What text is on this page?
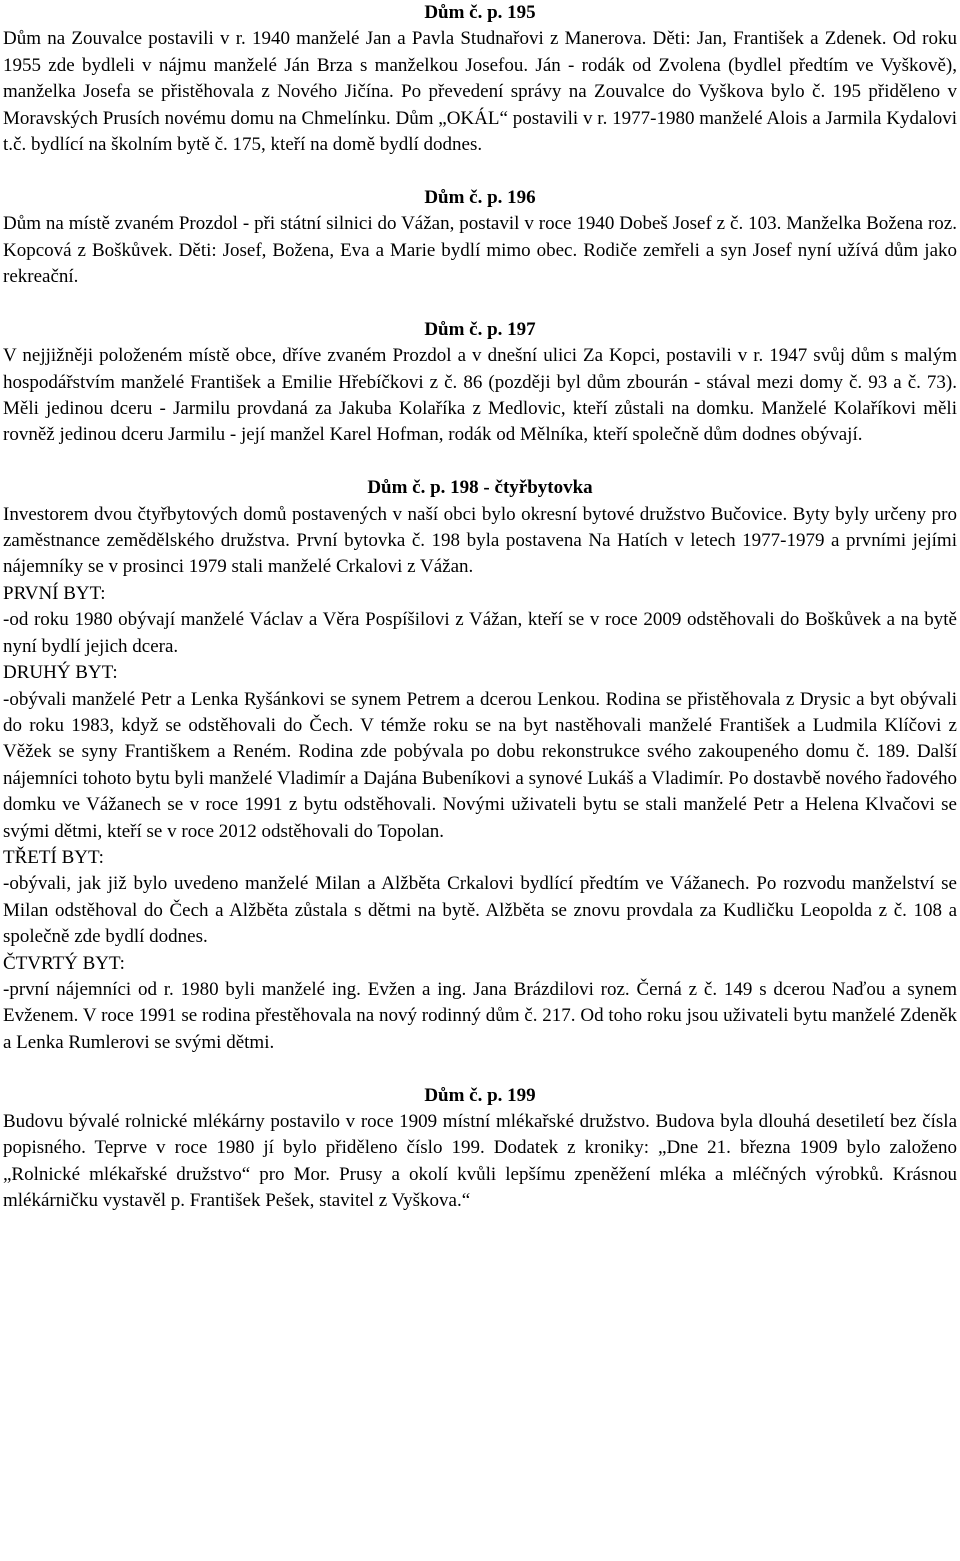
Dům č. p. 195

Dům na Zouvalce postavili v r. 1940 manželé Jan a Pavla Studnařovi z Manerova. Děti: Jan, František a Zdenek. Od roku 1955 zde bydleli v nájmu manželé Ján Brza s manželkou Josefou. Ján - rodák od Zvolena (bydlel předtím ve Vyškově), manželka Josefa se přistěhovala z Nového Jičína. Po převedení správy na Zouvalce do Vyškova bylo č. 195 přiděleno v Moravských Prusích novému domu na Chmelínku. Dům „OKÁL“ postavili v r. 1977-1980 manželé Alois a Jarmila Kydalovi t.č. bydlící na školním bytě č. 175, kteří na domě bydlí dodnes.

Dům č. p. 196

Dům na místě zvaném Prozdol - při státní silnici do Vážan, postavil v roce 1940 Dobeš Josef z č. 103. Manželka Božena roz. Kopcová z Boškůvek. Děti: Josef, Božena, Eva a Marie bydlí mimo obec. Rodiče zemřeli a syn Josef nyní užívá dům jako rekreační.

Dům č. p. 197

V nejjižněji položeném místě obce, dříve zvaném Prozdol a v dnešní ulici Za Kopci, postavili v r. 1947 svůj dům s malým hospodářstvím manželé František a Emilie Hřebíčkovi z č. 86 (později byl dům zbourán - stával mezi domy č. 93 a č. 73). Měli jedinou dceru - Jarmilu provdaná za Jakuba Kolaříka z Medlovic, kteří zůstali na domku. Manželé Kolaříkovi měli rovněž jedinou dceru Jarmilu - její manžel Karel Hofman, rodák od Mělníka, kteří společně dům dodnes obývají.

Dům č. p. 198 - čtyřbytovka

Investorem dvou čtyřbytových domů postavených v naší obci bylo okresní bytové družstvo Bučovice. Byty byly určeny pro zaměstnance zemědělského družstva. První bytovka č. 198 byla postavena Na Hatích v letech 1977-1979 a prvními jejími nájemníky se v prosinci 1979 stali manželé Crkalovi z Vážan.

PRVNÍ BYT:

-od roku 1980 obývají manželé Václav a Věra Pospíšilovi z Vážan, kteří se v roce 2009 odstěhovali do Boškůvek a na bytě nyní bydlí jejich dcera.

DRUHÝ BYT:

-obývali manželé Petr a Lenka Ryšánkovi se synem Petrem a dcerou Lenkou. Rodina se přistěhovala z Drysic a byt obývali do roku 1983, když se odstěhovali do Čech. V témže roku se na byt nastěhovali manželé František a Ludmila Klíčovi z Věžek se syny Františkem a Reném. Rodina zde pobývala po dobu rekonstrukce svého zakoupeného domu č. 189. Další nájemníci tohoto bytu byli manželé Vladimír a Dajána Bubeníkovi a synové Lukáš a Vladimír. Po dostavbě nového řadového domku ve Vážanech se v roce 1991 z bytu odstěhovali. Novými uživateli bytu se stali manželé Petr a Helena Klvačovi se svými dětmi, kteří se v roce 2012 odstěhovali do Topolan.

TŘETÍ BYT:

-obývali, jak již bylo uvedeno manželé Milan a Alžběta Crkalovi bydlící předtím ve Vážanech. Po rozvodu manželství se Milan odstěhoval do Čech a Alžběta zůstala s dětmi na bytě. Alžběta se znovu provdala za Kudličku Leopolda z č. 108 a společně zde bydlí dodnes.

ČTVRTÝ BYT:

-první nájemníci od r. 1980 byli manželé ing. Evžen a ing. Jana Brázdilovi roz. Černá z č. 149 s dcerou Naďou a synem Evženem. V roce 1991 se rodina přestěhovala na nový rodinný dům č. 217. Od toho roku jsou uživateli bytu manželé Zdeněk a Lenka Rumlerovi se svými dětmi.

Dům č. p. 199

Budovu bývalé rolnické mlékárny postavilo v roce 1909 místní mlékařské družstvo. Budova byla dlouhá desetiletí bez čísla popisného. Teprve v roce 1980 jí bylo přiděleno číslo 199. Dodatek z kroniky: „Dne 21. března 1909 bylo založeno „Rolnické mlékařské družstvo“ pro Mor. Prusy a okolí kvůli lepšímu zpeněžení mléka a mléčných výrobků. Krásnou mlékárničku vystavěl p. František Pešek, stavitel z Vyškova.“
